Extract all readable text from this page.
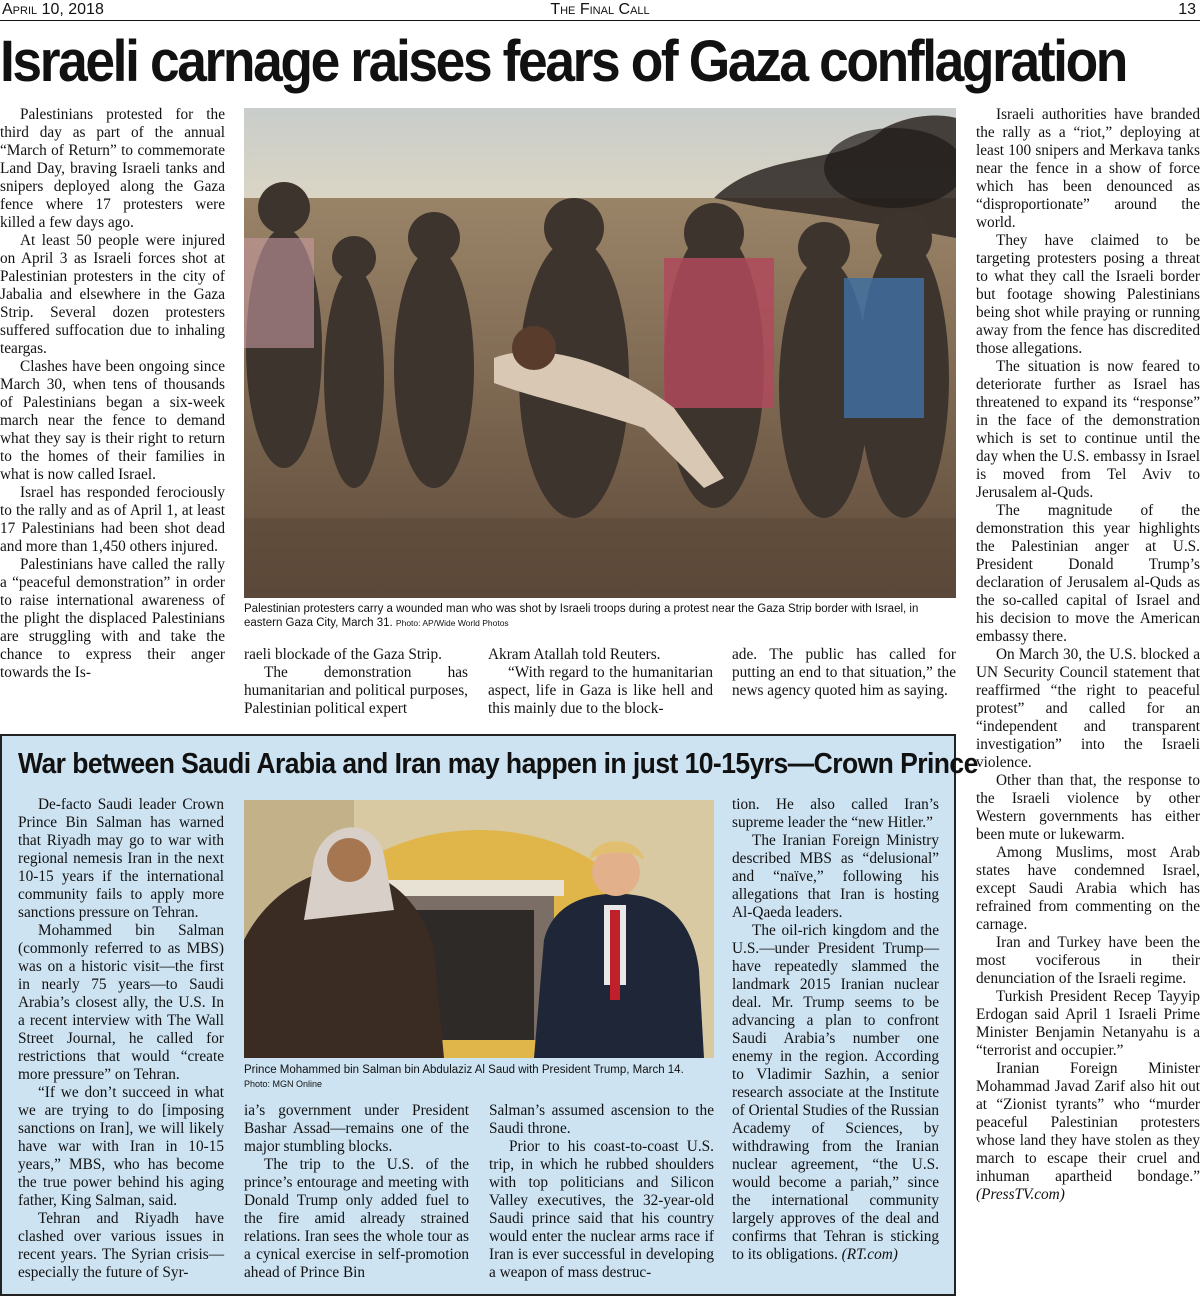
April 10, 2018	The Final Call	13
Israeli carnage raises fears of Gaza conflagration

Palestinians protested for the third day as part of the annual “March of Return” to commemorate Land Day, braving Israeli tanks and snipers deployed along the Gaza fence where 17 protesters were killed a few days ago.

At least 50 people were injured on April 3 as Israeli forces shot at Palestinian protesters in the city of Jabalia and elsewhere in the Gaza Strip. Several dozen protesters suffered suffocation due to inhaling teargas.

Clashes have been ongoing since March 30, when tens of thousands of Palestinians began a six-week march near the fence to demand what they say is their right to return to the homes of their families in what is now called Israel.

Israel has responded ferociously to the rally and as of April 1, at least 17 Palestinians had been shot dead and more than 1,450 others injured.

Palestinians have called the rally a “peaceful demonstration” in order to raise international awareness of the plight the displaced Palestinians are struggling with and take the chance to express their anger towards the Is-

Palestinian protesters carry a wounded man who was shot by Israeli troops during a protest near the Gaza Strip border with Israel, in eastern Gaza City, March 31. Photo: AP/Wide World Photos

raeli blockade of the Gaza Strip.

The demonstration has humanitarian and political purposes, Palestinian political expert

Akram Atallah told Reuters.

“With regard to the humanitarian aspect, life in Gaza is like hell and this mainly due to the block-

ade. The public has called for putting an end to that situation,” the news agency quoted him as saying.

Israeli authorities have branded the rally as a “riot,” deploying at least 100 snipers and Merkava tanks near the fence in a show of force which has been denounced as “disproportionate” around the world.

They have claimed to be targeting protesters posing a threat to what they call the Israeli border but footage showing Palestinians being shot while praying or running away from the fence has discredited those allegations.

The situation is now feared to deteriorate further as Israel has threatened to expand its “response” in the face of the demonstration which is set to continue until the day when the U.S. embassy in Israel is moved from Tel Aviv to Jerusalem al-Quds.

The magnitude of the demonstration this year highlights the Palestinian anger at U.S. President Donald Trump’s declaration of Jerusalem al-Quds as the so-called capital of Israel and his decision to move the American embassy there.

On March 30, the U.S. blocked a UN Security Council statement that reaffirmed “the right to peaceful protest” and called for an “independent and transparent investigation” into the Israeli violence.

Other than that, the response to the Israeli violence by other Western governments has either been mute or lukewarm.

Among Muslims, most Arab states have condemned Israel, except Saudi Arabia which has refrained from commenting on the carnage.

Iran and Turkey have been the most vociferous in their denunciation of the Israeli regime.

Turkish President Recep Tayyip Erdogan said April 1 Israeli Prime Minister Benjamin Netanyahu is a “terrorist and occupier.”

Iranian Foreign Minister Mohammad Javad Zarif also hit out at “Zionist tyrants” who “murder peaceful Palestinian protesters whose land they have stolen as they march to escape their cruel and inhuman apartheid bondage.” (PressTV.com)

War between Saudi Arabia and Iran may happen in just 10-15yrs—Crown Prince

De-facto Saudi leader Crown Prince Bin Salman has warned that Riyadh may go to war with regional nemesis Iran in the next 10-15 years if the international community fails to apply more sanctions pressure on Tehran.

Mohammed bin Salman (commonly referred to as MBS) was on a historic visit—the first in nearly 75 years—to Saudi Arabia’s closest ally, the U.S. In a recent interview with The Wall Street Journal, he called for restrictions that would “create more pressure” on Tehran.

“If we don’t succeed in what we are trying to do [imposing sanctions on Iran], we will likely have war with Iran in 10-15 years,” MBS, who has become the true power behind his aging father, King Salman, said.

Tehran and Riyadh have clashed over various issues in recent years. The Syrian crisis—especially the future of Syr-

Prince Mohammed bin Salman bin Abdulaziz Al Saud with President Trump, March 14.
Photo: MGN Online

ia’s government under President Bashar Assad—remains one of the major stumbling blocks.

The trip to the U.S. of the prince’s entourage and meeting with Donald Trump only added fuel to the fire amid already strained relations. Iran sees the whole tour as a cynical exercise in self-promotion ahead of Prince Bin

Salman’s assumed ascension to the Saudi throne.

Prior to his coast-to-coast U.S. trip, in which he rubbed shoulders with top politicians and Silicon Valley executives, the 32-year-old Saudi prince said that his country would enter the nuclear arms race if Iran is ever successful in developing a weapon of mass destruc-

tion. He also called Iran’s supreme leader the “new Hitler.”

The Iranian Foreign Ministry described MBS as “delusional” and “naïve,” following his allegations that Iran is hosting Al-Qaeda leaders.

The oil-rich kingdom and the U.S.—under President Trump—have repeatedly slammed the landmark 2015 Iranian nuclear deal. Mr. Trump seems to be advancing a plan to confront Saudi Arabia’s number one enemy in the region. According to Vladimir Sazhin, a senior research associate at the Institute of Oriental Studies of the Russian Academy of Sciences, by withdrawing from the Iranian nuclear agreement, “the U.S. would become a pariah,” since the international community largely approves of the deal and confirms that Tehran is sticking to its obligations. (RT.com)
